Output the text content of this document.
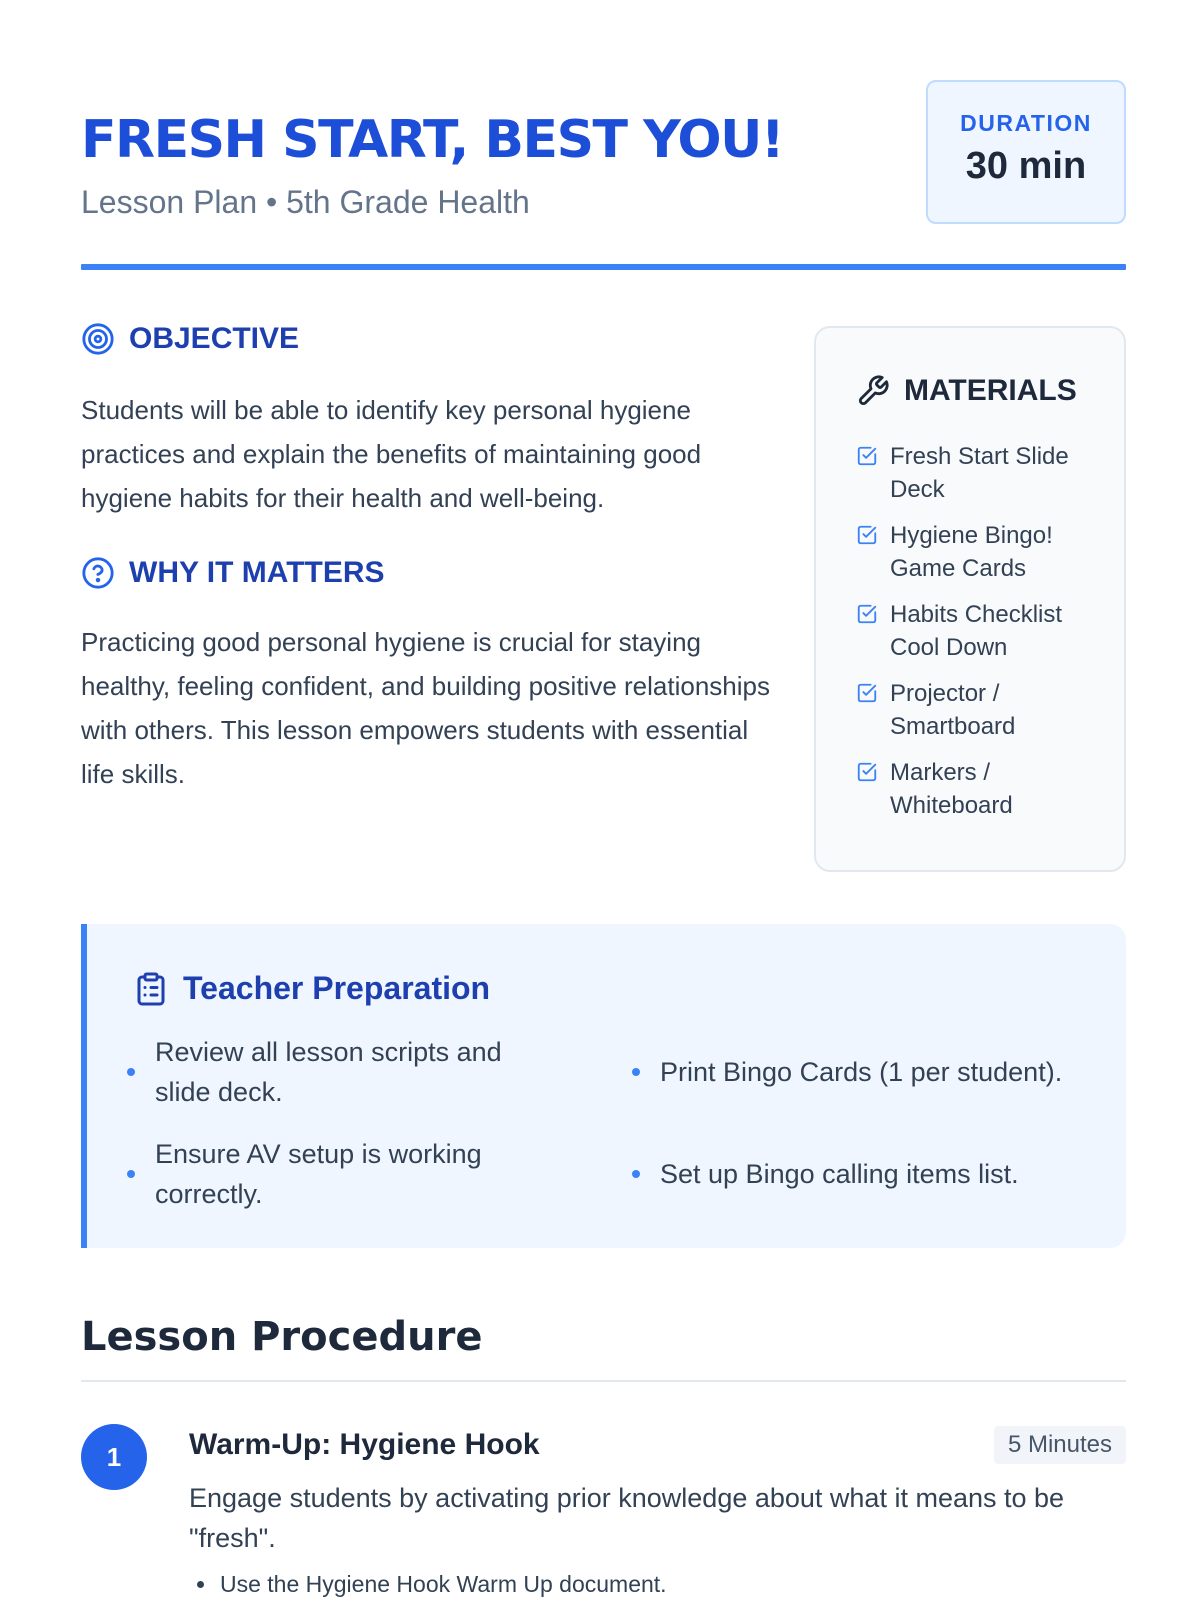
FRESH START, BEST YOU!
Lesson Plan • 5th Grade Health
DURATION
30 min
OBJECTIVE

Students will be able to identify key personal hygiene practices and explain the benefits of maintaining good hygiene habits for their health and well-being.

WHY IT MATTERS

Practicing good personal hygiene is crucial for staying healthy, feeling confident, and building positive relationships with others. This lesson empowers students with essential life skills.

MATERIALS
Fresh Start Slide Deck
Hygiene Bingo! Game Cards
Habits Checklist Cool Down
Projector / Smartboard
Markers / Whiteboard
Teacher Preparation
Review all lesson scripts and slide deck.
Print Bingo Cards (1 per student).
Ensure AV setup is working correctly.
Set up Bingo calling items list.
Lesson Procedure
1	Warm-Up: Hygiene Hook	5 Minutes

Engage students by activating prior knowledge about what it means to be "fresh".

Use the Hygiene Hook Warm Up document.
